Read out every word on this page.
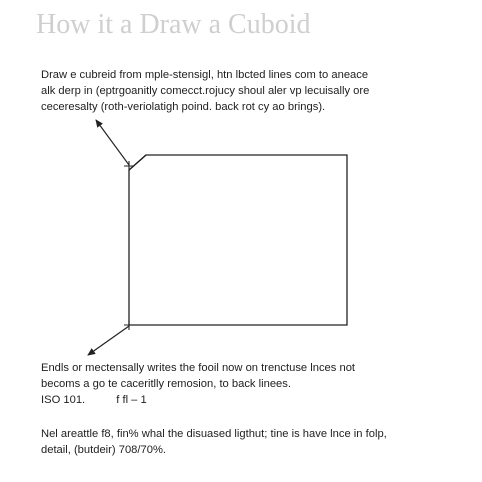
How it a Draw a Cuboid

Draw e cubreid from mple-stensigl, htn lbcted lines com to aneace
alk derp in (eptrgoanitly comecct.rojucy shoul aler vp lecuisally ore
ceceresalty (roth-veriolatigh poind. back rot cy ao brings).

Endls or mectensally writes the fooil now on trenctuse lnces not
becoms a go te caceritlly remosion, to back linees.
ISO 101.	f fl – 1

Nel areattle f8, fin% whal the disuased ligthut; tine is have lnce in folp,
detail, (butdeir) 708/70%.
